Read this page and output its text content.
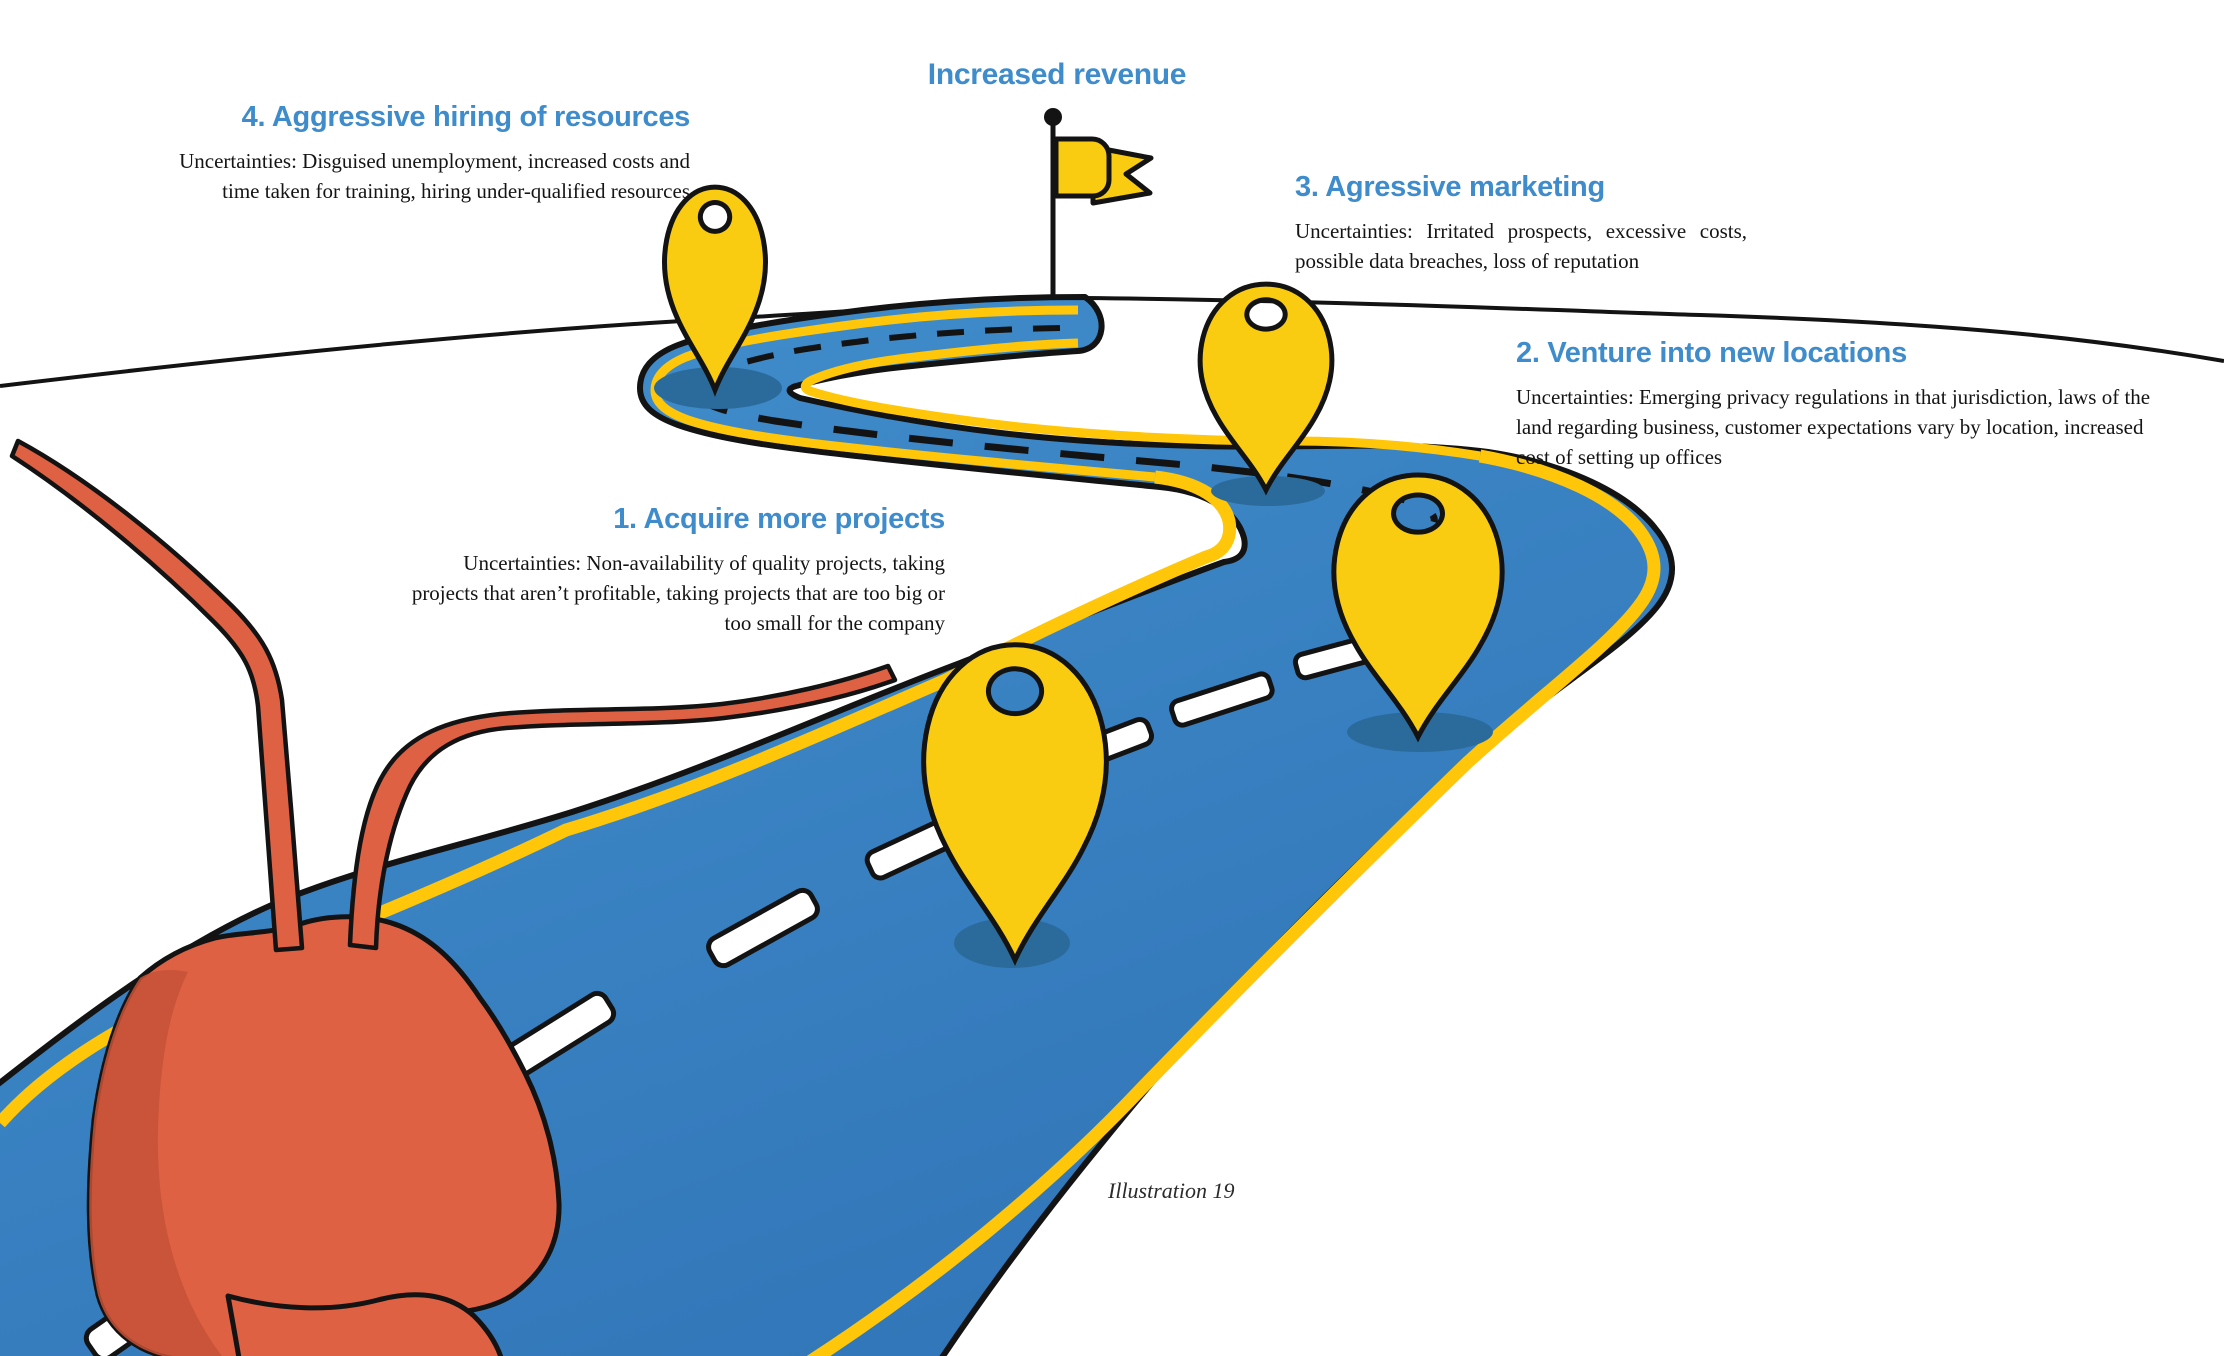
Increased revenue
4. Aggressive hiring of resources
Uncertainties: Disguised unemployment, increased costs and time taken for training, hiring under-qualified resources	3. Agressive marketing
Uncertainties: Irritated prospects, excessive costs, possible data breaches, loss of reputation
2. Venture into new locations
Uncertainties: Emerging privacy regulations in that jurisdiction, laws of the land regarding business, customer expectations vary by location, increased cost of setting up offices
1. Acquire more projects
Uncertainties: Non-availability of quality projects, taking projects that aren’t profitable, taking projects that are too big or too small for the company
Illustration 19
